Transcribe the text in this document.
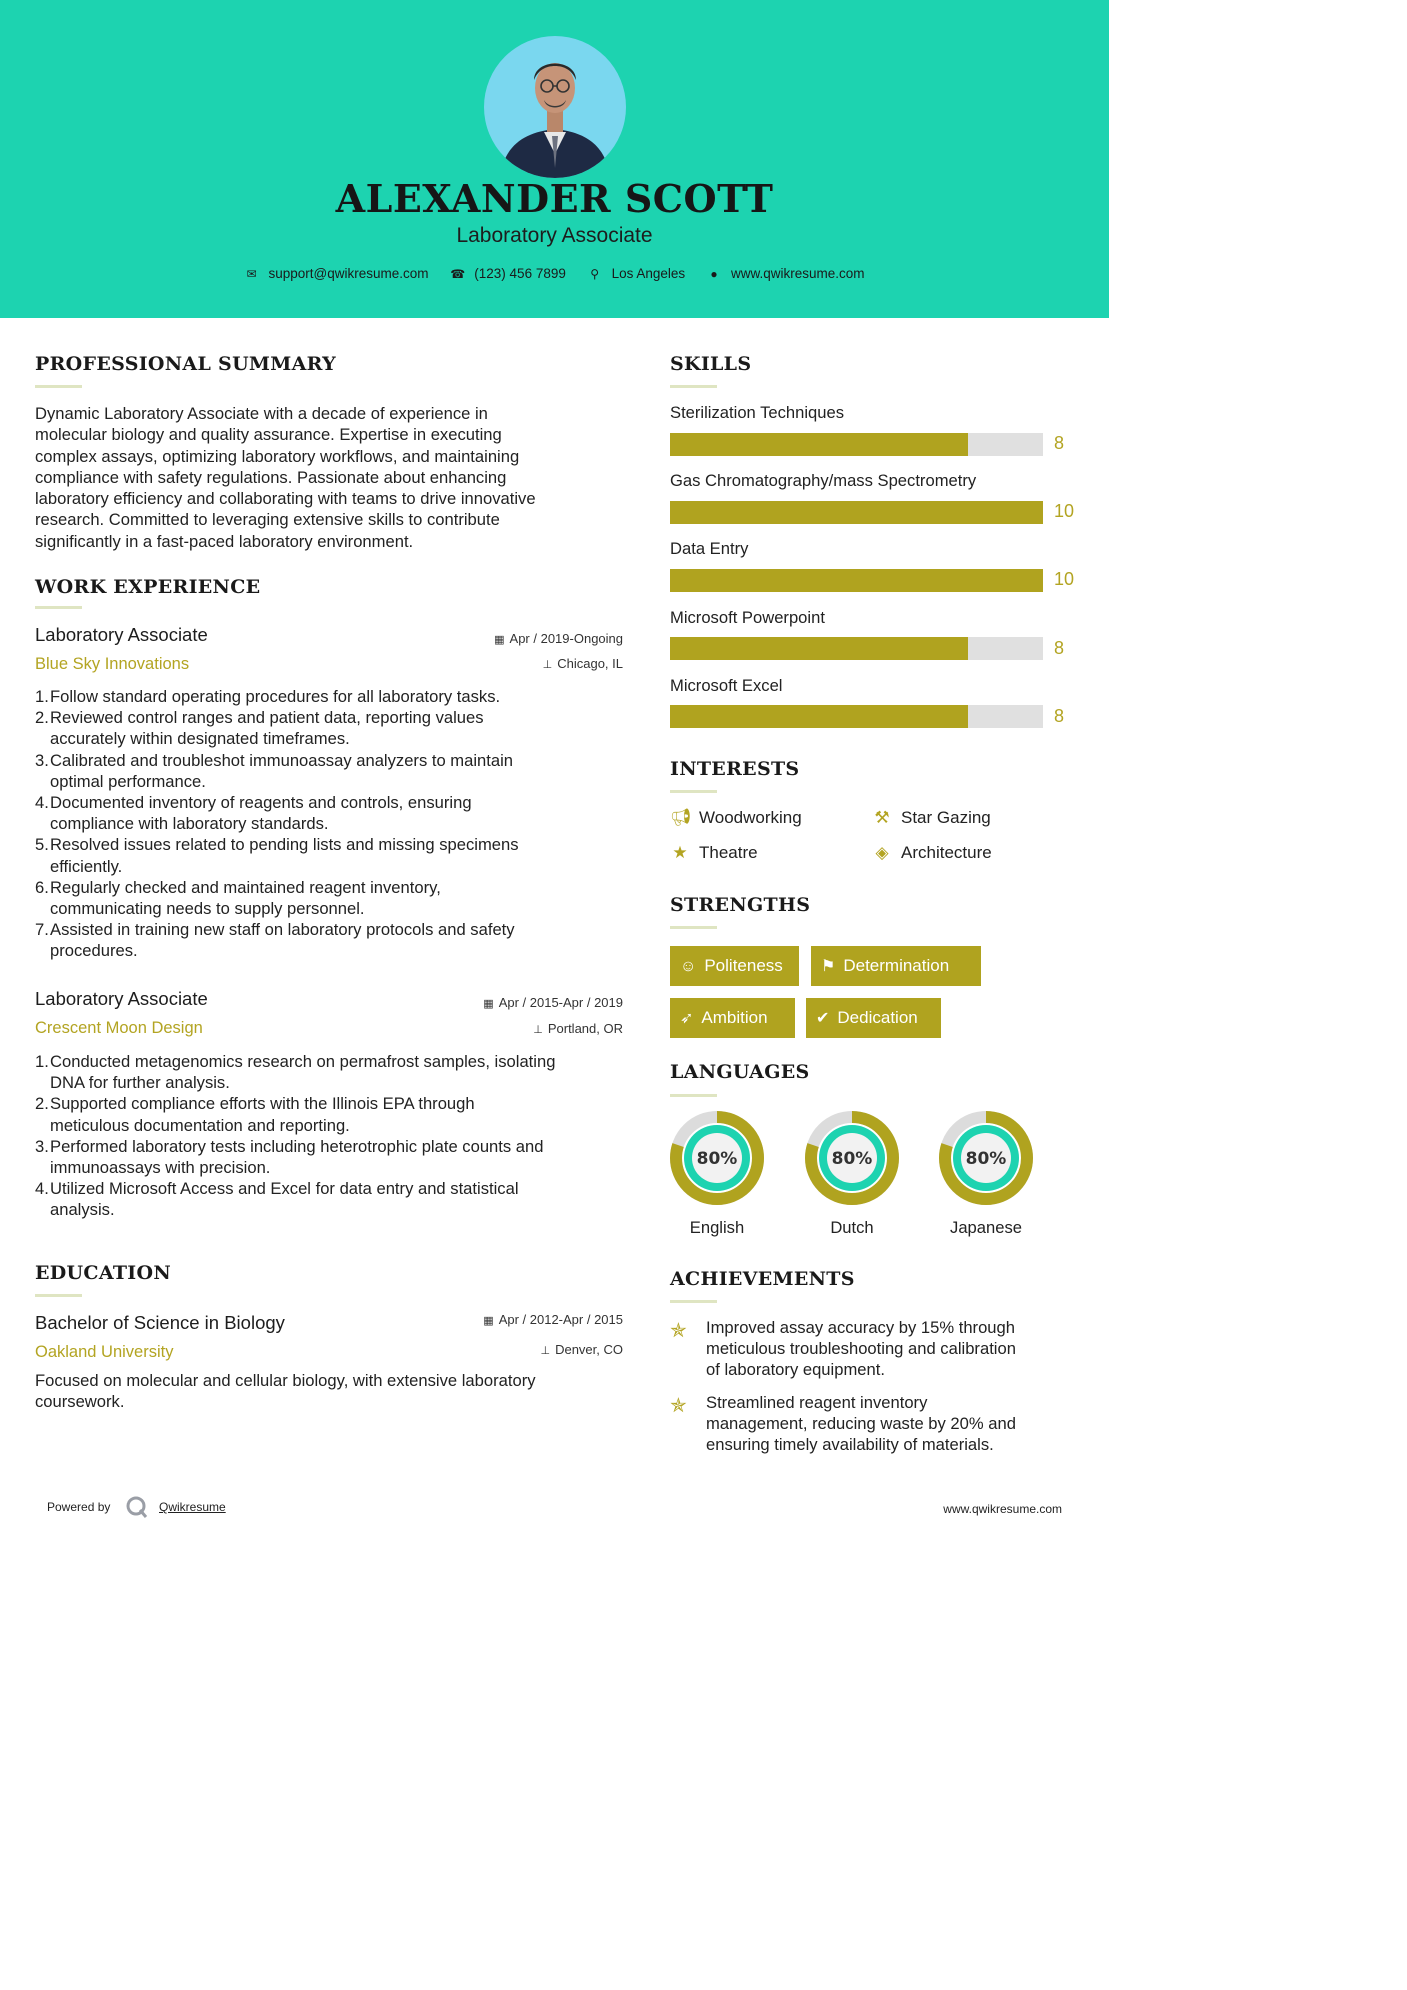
ALEXANDER SCOTT
Laboratory Associate
✉ support@qwikresume.com ☎ (123) 456 7899 ⚲ Los Angeles ● www.qwikresume.com
PROFESSIONAL SUMMARY
Dynamic Laboratory Associate with a decade of experience in
molecular biology and quality assurance. Expertise in executing
complex assays, optimizing laboratory workflows, and maintaining
compliance with safety regulations. Passionate about enhancing
laboratory efficiency and collaborating with teams to drive innovative
research. Committed to leveraging extensive skills to contribute
significantly in a fast-paced laboratory environment.
WORK EXPERIENCE
Laboratory Associate
Blue Sky Innovations
▦ Apr / 2019-Ongoing
⊥ Chicago, IL
1. Follow standard operating procedures for all laboratory tasks.
2. Reviewed control ranges and patient data, reporting values
accurately within designated timeframes.
3. Calibrated and troubleshot immunoassay analyzers to maintain
optimal performance.
4. Documented inventory of reagents and controls, ensuring
compliance with laboratory standards.
5. Resolved issues related to pending lists and missing specimens
efficiently.
6. Regularly checked and maintained reagent inventory,
communicating needs to supply personnel.
7. Assisted in training new staff on laboratory protocols and safety
procedures.
Laboratory Associate
Crescent Moon Design
▦ Apr / 2015-Apr / 2019
⊥ Portland, OR
1. Conducted metagenomics research on permafrost samples, isolating
DNA for further analysis.
2. Supported compliance efforts with the Illinois EPA through
meticulous documentation and reporting.
3. Performed laboratory tests including heterotrophic plate counts and
immunoassays with precision.
4. Utilized Microsoft Access and Excel for data entry and statistical
analysis.
EDUCATION
Bachelor of Science in Biology
Oakland University
▦ Apr / 2012-Apr / 2015
⊥ Denver, CO
Focused on molecular and cellular biology, with extensive laboratory
coursework.
SKILLS
Sterilization Techniques
8
Gas Chromatography/mass Spectrometry
10
Data Entry
10
Microsoft Powerpoint
8
Microsoft Excel
8
INTERESTS
📢︎ Woodworking	⚒ Star Gazing
★ Theatre	◈ Architecture
STRENGTHS
☺ Politeness	⚑ Determination
➶ Ambition	✔ Dedication
LANGUAGES
80%	80%	80%
English	Dutch	Japanese
ACHIEVEMENTS
✯ Improved assay accuracy by 15% through
meticulous troubleshooting and calibration
of laboratory equipment.
✯ Streamlined reagent inventory
management, reducing waste by 20% and
ensuring timely availability of materials.
Powered by	Qwikresume	www.qwikresume.com
